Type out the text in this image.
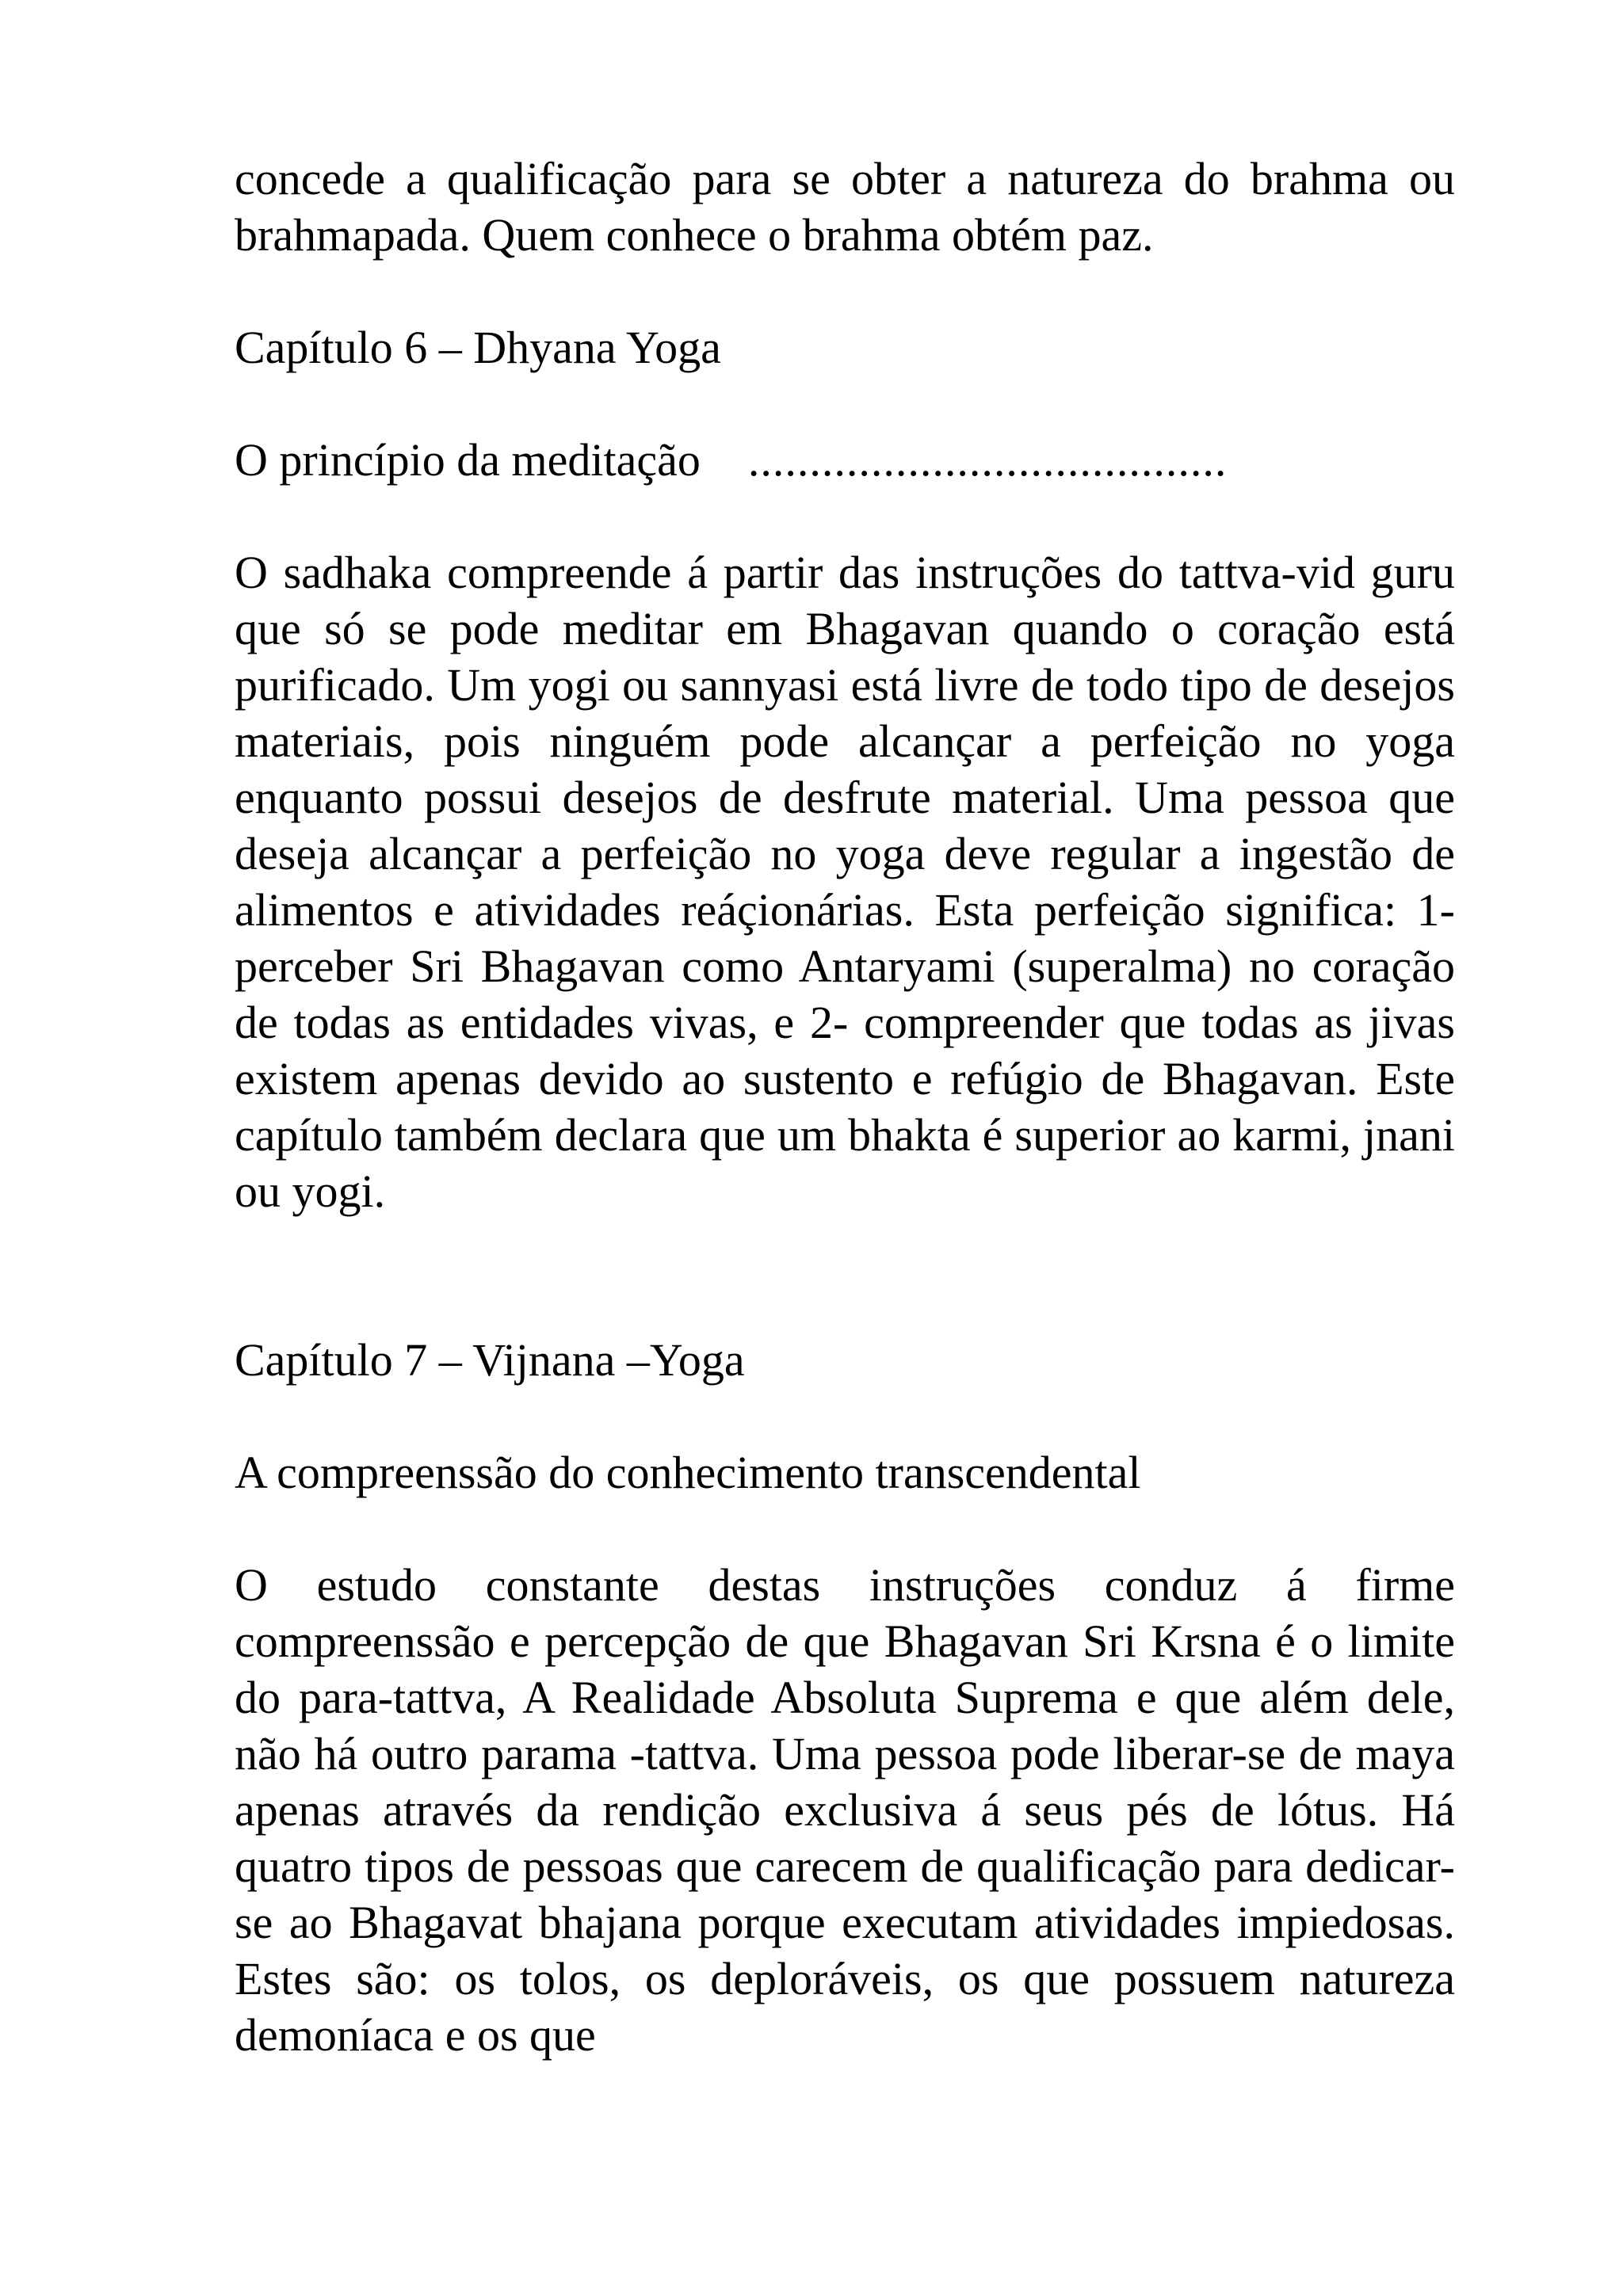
concede a qualificação para se obter a natureza do brahma ou brahmapada. Quem conhece o brahma obtém paz.

Capítulo 6 – Dhyana Yoga

O princípio da meditação .......................................

O sadhaka compreende á partir das instruções do tattva-vid guru que só se pode meditar em Bhagavan quando o coração está purificado. Um yogi ou sannyasi está livre de todo tipo de desejos materiais, pois ninguém pode alcançar a perfeição no yoga enquanto possui desejos de desfrute material. Uma pessoa que deseja alcançar a perfeição no yoga deve regular a ingestão de alimentos e atividades reáçionárias. Esta perfeição significa: 1- perceber Sri Bhagavan como Antaryami (superalma) no coração de todas as entidades vivas, e 2- compreender que todas as jivas existem apenas devido ao sustento e refúgio de Bhagavan. Este capítulo também declara que um bhakta é superior ao karmi, jnani ou yogi.

Capítulo 7 – Vijnana –Yoga

A compreenssão do conhecimento transcendental

O estudo constante destas instruções conduz á firme compreenssão e percepção de que Bhagavan Sri Krsna é o limite do para-tattva, A Realidade Absoluta Suprema e que além dele, não há outro parama -tattva. Uma pessoa pode liberar-se de maya apenas através da rendição exclusiva á seus pés de lótus. Há quatro tipos de pessoas que carecem de qualificação para dedicar-se ao Bhagavat bhajana porque executam atividades impiedosas. Estes são: os tolos, os deploráveis, os que possuem natureza demoníaca e os que
